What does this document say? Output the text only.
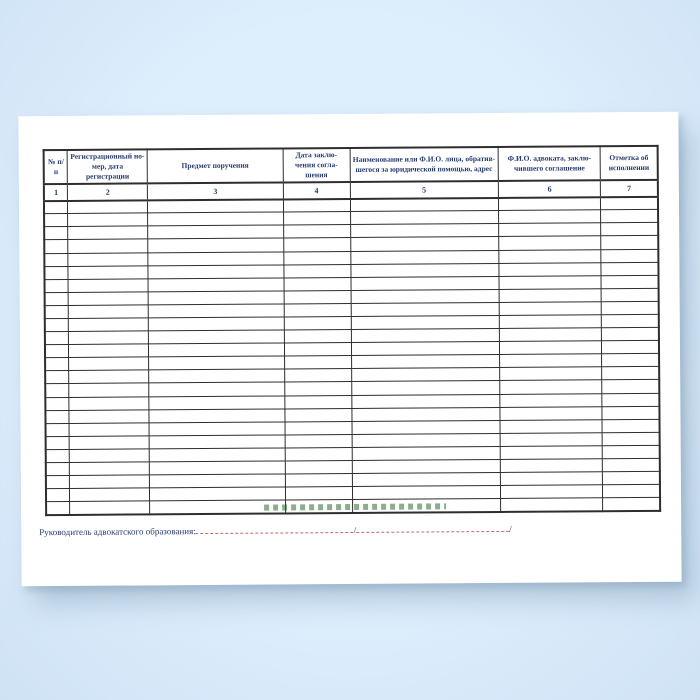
№ п/п	Регистрационный но-мер, дата регистрации	Предмет поручения	Дата заклю-чения согла-шения	Наименование или Ф.И.О. лица, обратив-шегося за юридической помощью, адрес	Ф.И.О. адвоката, заклю-чившего соглашение	Отметка об исполнении
1	2	3	4	5	6	7

Руководитель адвокатского образования:	/	/
